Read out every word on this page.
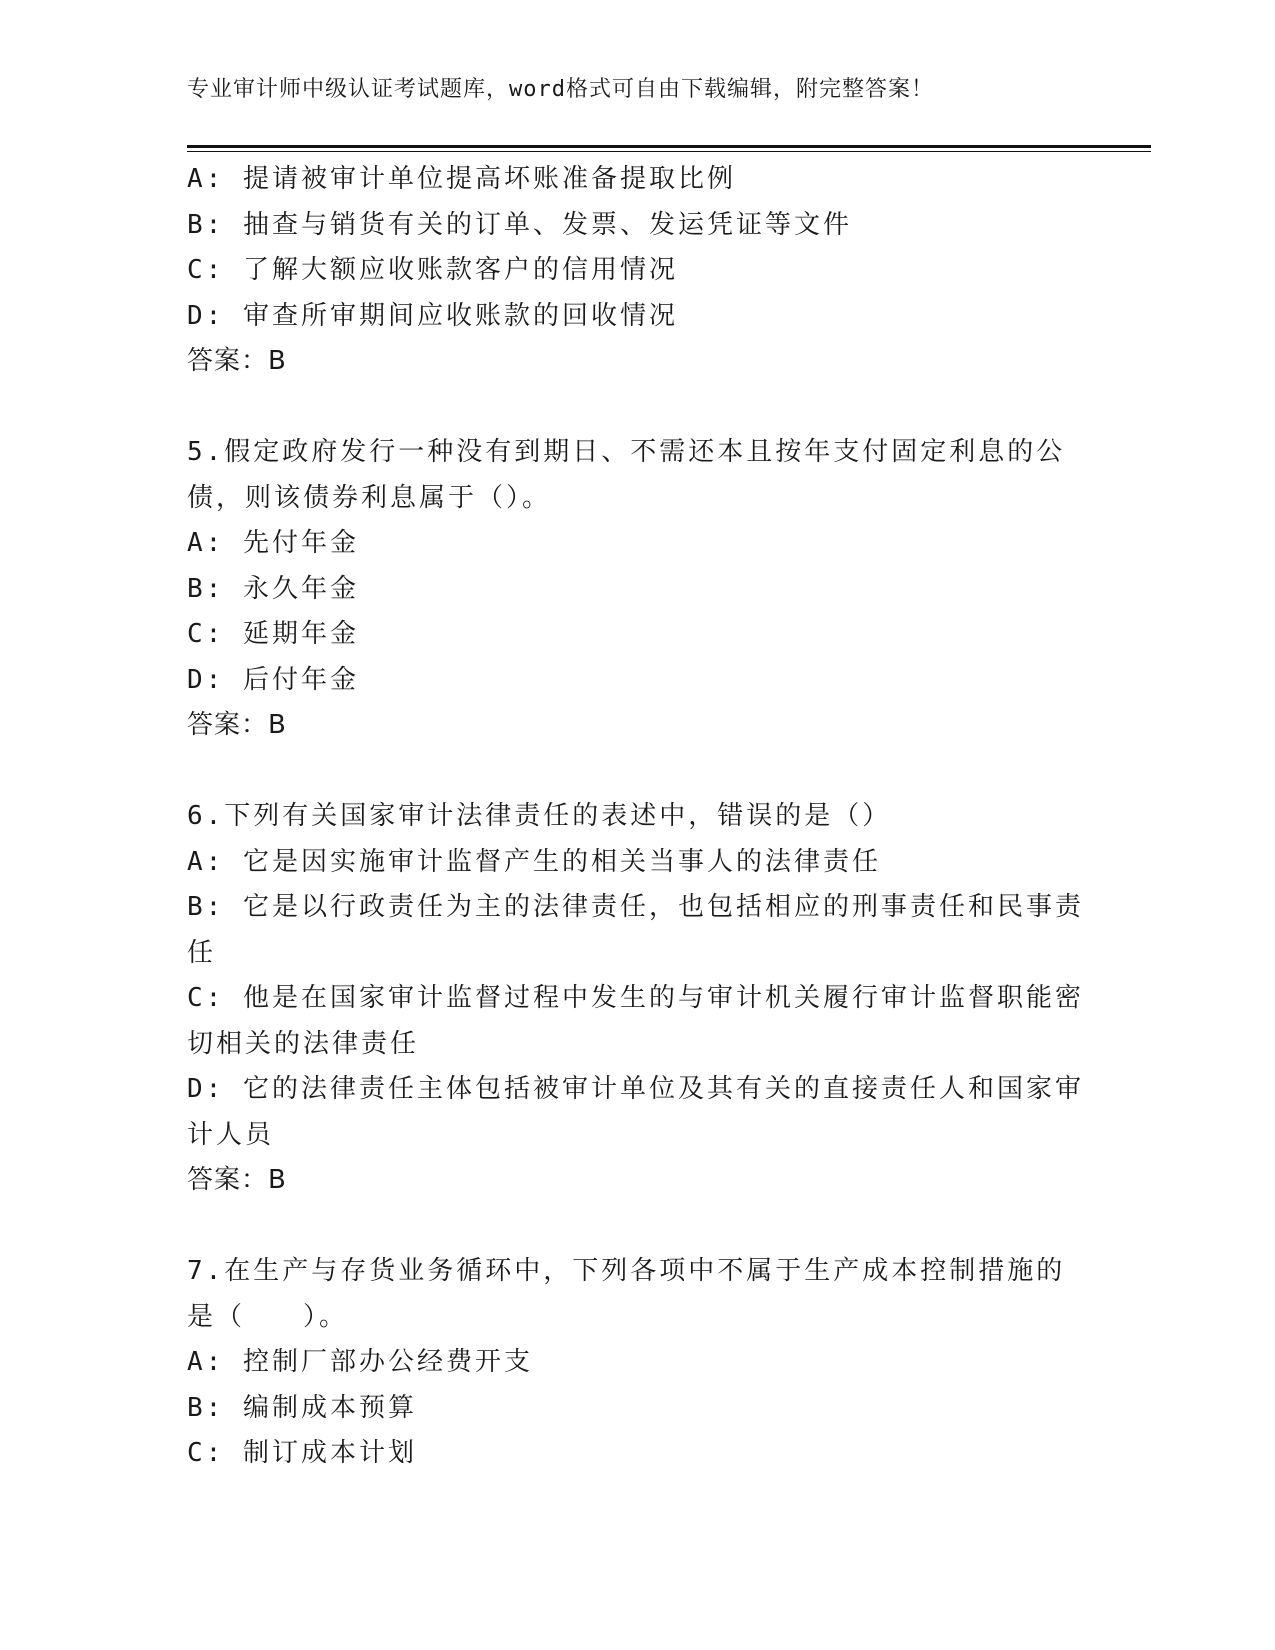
专业审计师中级认证考试题库，word格式可自由下载编辑，附完整答案！
A: 提请被审计单位提高坏账准备提取比例
B: 抽查与销货有关的订单、发票、发运凭证等文件
C: 了解大额应收账款客户的信用情况
D: 审查所审期间应收账款的回收情况
答案：B
5.假定政府发行一种没有到期日、不需还本且按年支付固定利息的公
债，则该债券利息属于（）。
A: 先付年金
B: 永久年金
C: 延期年金
D: 后付年金
答案：B
6.下列有关国家审计法律责任的表述中，错误的是（）
A: 它是因实施审计监督产生的相关当事人的法律责任
B: 它是以行政责任为主的法律责任，也包括相应的刑事责任和民事责
任
C: 他是在国家审计监督过程中发生的与审计机关履行审计监督职能密
切相关的法律责任
D: 它的法律责任主体包括被审计单位及其有关的直接责任人和国家审
计人员
答案：B
7.在生产与存货业务循环中，下列各项中不属于生产成本控制措施的
是（　　）。
A: 控制厂部办公经费开支
B: 编制成本预算
C: 制订成本计划
